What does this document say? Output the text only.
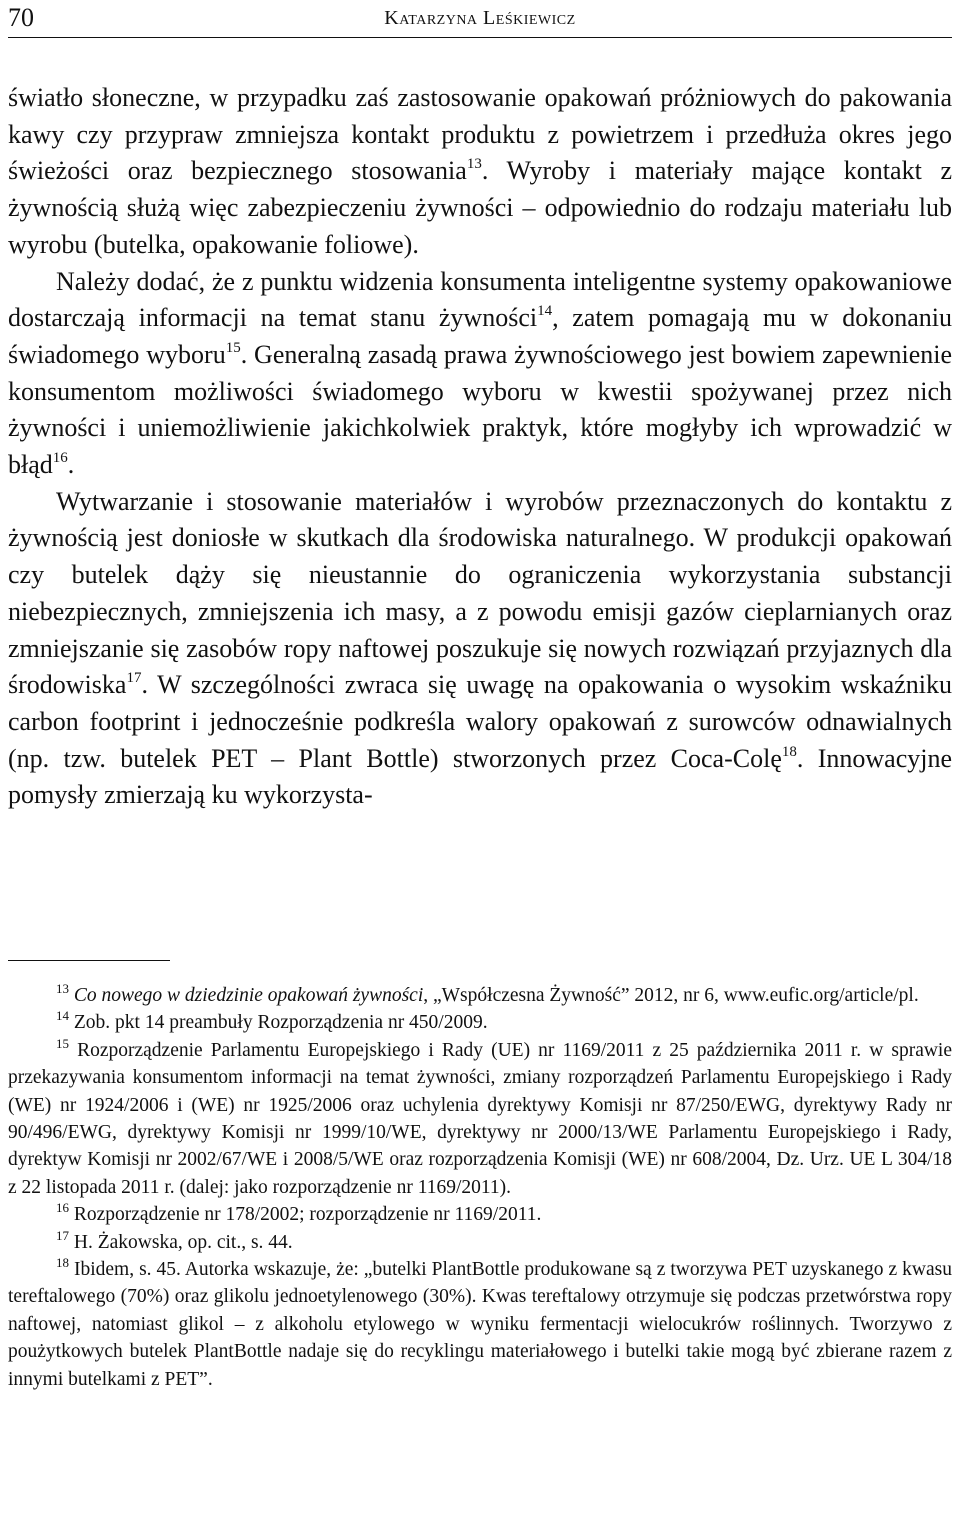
70	Katarzyna Leśkiewicz

światło słoneczne, w przypadku zaś zastosowanie opakowań próżniowych do pakowania kawy czy przypraw zmniejsza kontakt produktu z powietrzem i przedłuża okres jego świeżości oraz bezpiecznego stosowania$^{13}$. Wyroby i materiały mające kontakt z żywnością służą więc zabezpieczeniu żywności – odpowiednio do rodzaju materiału lub wyrobu (butelka, opakowanie foliowe).

Należy dodać, że z punktu widzenia konsumenta inteligentne systemy opakowaniowe dostarczają informacji na temat stanu żywności$^{14}$, zatem pomagają mu w dokonaniu świadomego wyboru$^{15}$. Generalną zasadą prawa żywnościowego jest bowiem zapewnienie konsumentom możliwości świadomego wyboru w kwestii spożywanej przez nich żywności i uniemożliwienie jakichkolwiek praktyk, które mogłyby ich wprowadzić w błąd$^{16}$.

Wytwarzanie i stosowanie materiałów i wyrobów przeznaczonych do kontaktu z żywnością jest doniosłe w skutkach dla środowiska naturalnego. W produkcji opakowań czy butelek dąży się nieustannie do ograniczenia wykorzystania substancji niebezpiecznych, zmniejszenia ich masy, a z powodu emisji gazów cieplarnianych oraz zmniejszanie się zasobów ropy naftowej poszukuje się nowych rozwiązań przyjaznych dla środowiska$^{17}$. W szczególności zwraca się uwagę na opakowania o wysokim wskaźniku carbon footprint i jednocześnie podkreśla walory opakowań z surowców odnawialnych (np. tzw. butelek PET – Plant Bottle) stworzonych przez Coca-Colę$^{18}$. Innowacyjne pomysły zmierzają ku wykorzysta-

$^{13}$ Co nowego w dziedzinie opakowań żywności, „Współczesna Żywność” 2012, nr 6, www.eufic.org/article/pl.

$^{14}$ Zob. pkt 14 preambuły Rozporządzenia nr 450/2009.

$^{15}$ Rozporządzenie Parlamentu Europejskiego i Rady (UE) nr 1169/2011 z 25 października 2011 r. w sprawie przekazywania konsumentom informacji na temat żywności, zmiany rozporządzeń Parlamentu Europejskiego i Rady (WE) nr 1924/2006 i (WE) nr 1925/2006 oraz uchylenia dyrektywy Komisji nr 87/250/EWG, dyrektywy Rady nr 90/496/EWG, dyrektywy Komisji nr 1999/10/WE, dyrektywy nr 2000/13/WE Parlamentu Europejskiego i Rady, dyrektyw Komisji nr 2002/67/WE i 2008/5/WE oraz rozporządzenia Komisji (WE) nr 608/2004, Dz. Urz. UE L 304/18 z 22 listopada 2011 r. (dalej: jako rozporządzenie nr 1169/2011).

$^{16}$ Rozporządzenie nr 178/2002; rozporządzenie nr 1169/2011.

$^{17}$ H. Żakowska, op. cit., s. 44.

$^{18}$ Ibidem, s. 45. Autorka wskazuje, że: „butelki PlantBottle produkowane są z tworzywa PET uzyskanego z kwasu tereftalowego (70%) oraz glikolu jednoetylenowego (30%). Kwas tereftalowy otrzymuje się podczas przetwórstwa ropy naftowej, natomiast glikol – z alkoholu etylowego w wyniku fermentacji wielocukrów roślinnych. Tworzywo z poużytkowych butelek PlantBottle nadaje się do recyklingu materiałowego i butelki takie mogą być zbierane razem z innymi butelkami z PET”.
